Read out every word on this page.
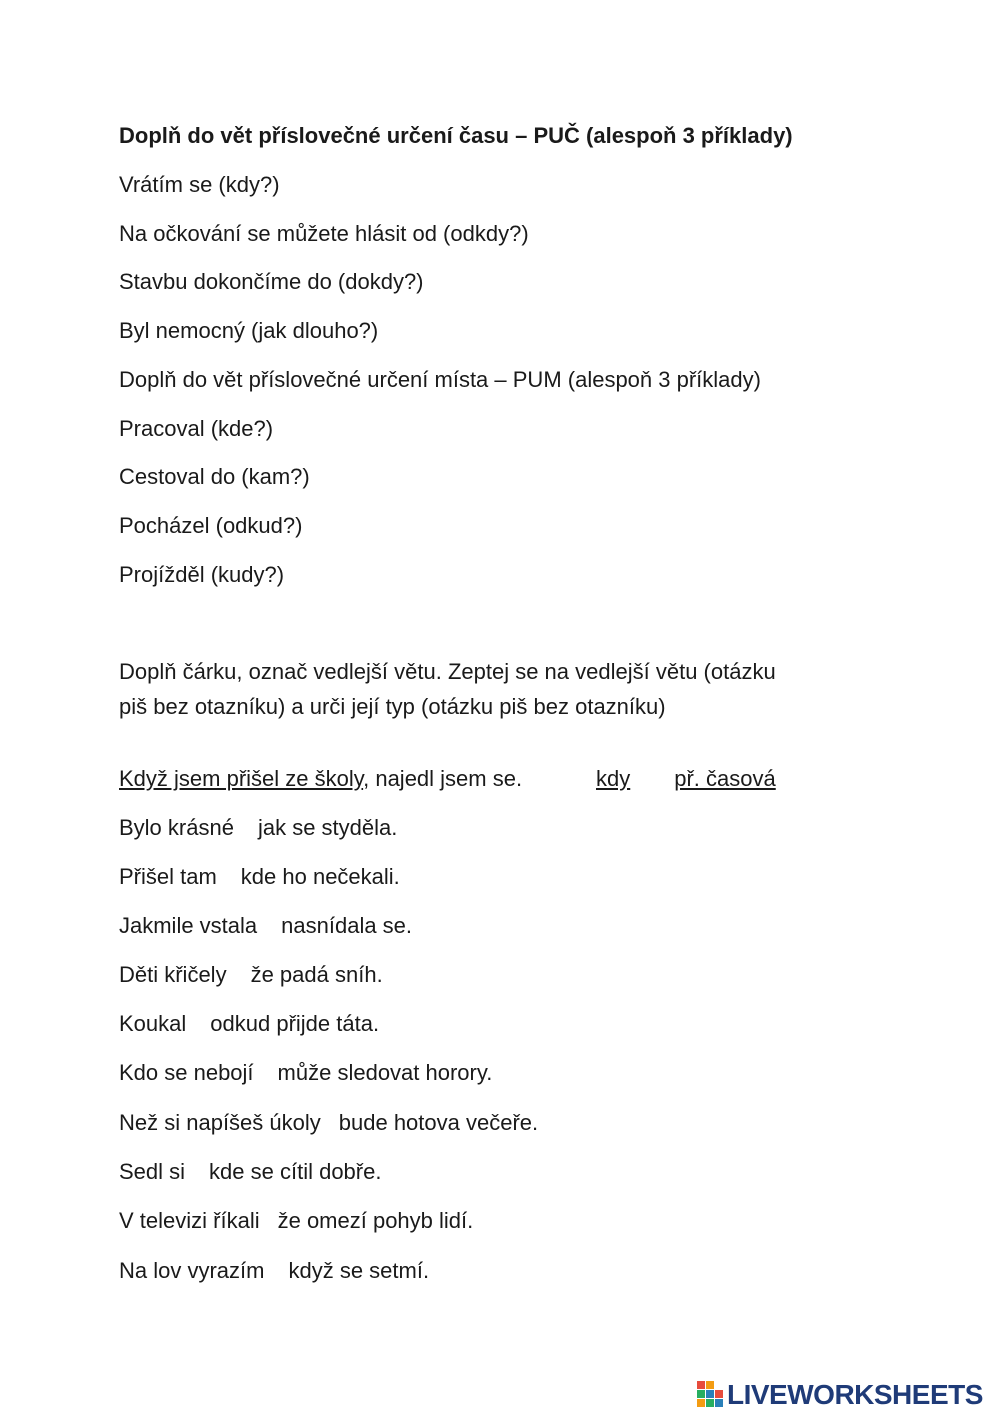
Doplň do vět příslovečné určení času – PUČ (alespoň 3 příklady)
Vrátím se (kdy?)
Na očkování se můžete hlásit od (odkdy?)
Stavbu dokončíme do (dokdy?)
Byl nemocný (jak dlouho?)
Doplň do vět příslovečné určení místa – PUM (alespoň 3 příklady)
Pracoval (kde?)
Cestoval do (kam?)
Pocházel (odkud?)
Projížděl (kudy?)
Doplň čárku, označ vedlejší větu. Zeptej se na vedlejší větu (otázku
piš bez otazníku) a urči její typ (otázku piš bez otazníku)
Když jsem přišel ze školy, najedl jsem se.	kdy př. časová
Bylo krásné jak se styděla.
Přišel tam kde ho nečekali.
Jakmile vstala nasnídala se.
Děti křičely že padá sníh.
Koukal odkud přijde táta.
Kdo se nebojí může sledovat horory.
Než si napíšeš úkoly bude hotova večeře.
Sedl si kde se cítil dobře.
V televizi říkali že omezí pohyb lidí.
Na lov vyrazím když se setmí.
LIVEWORKSHEETS
